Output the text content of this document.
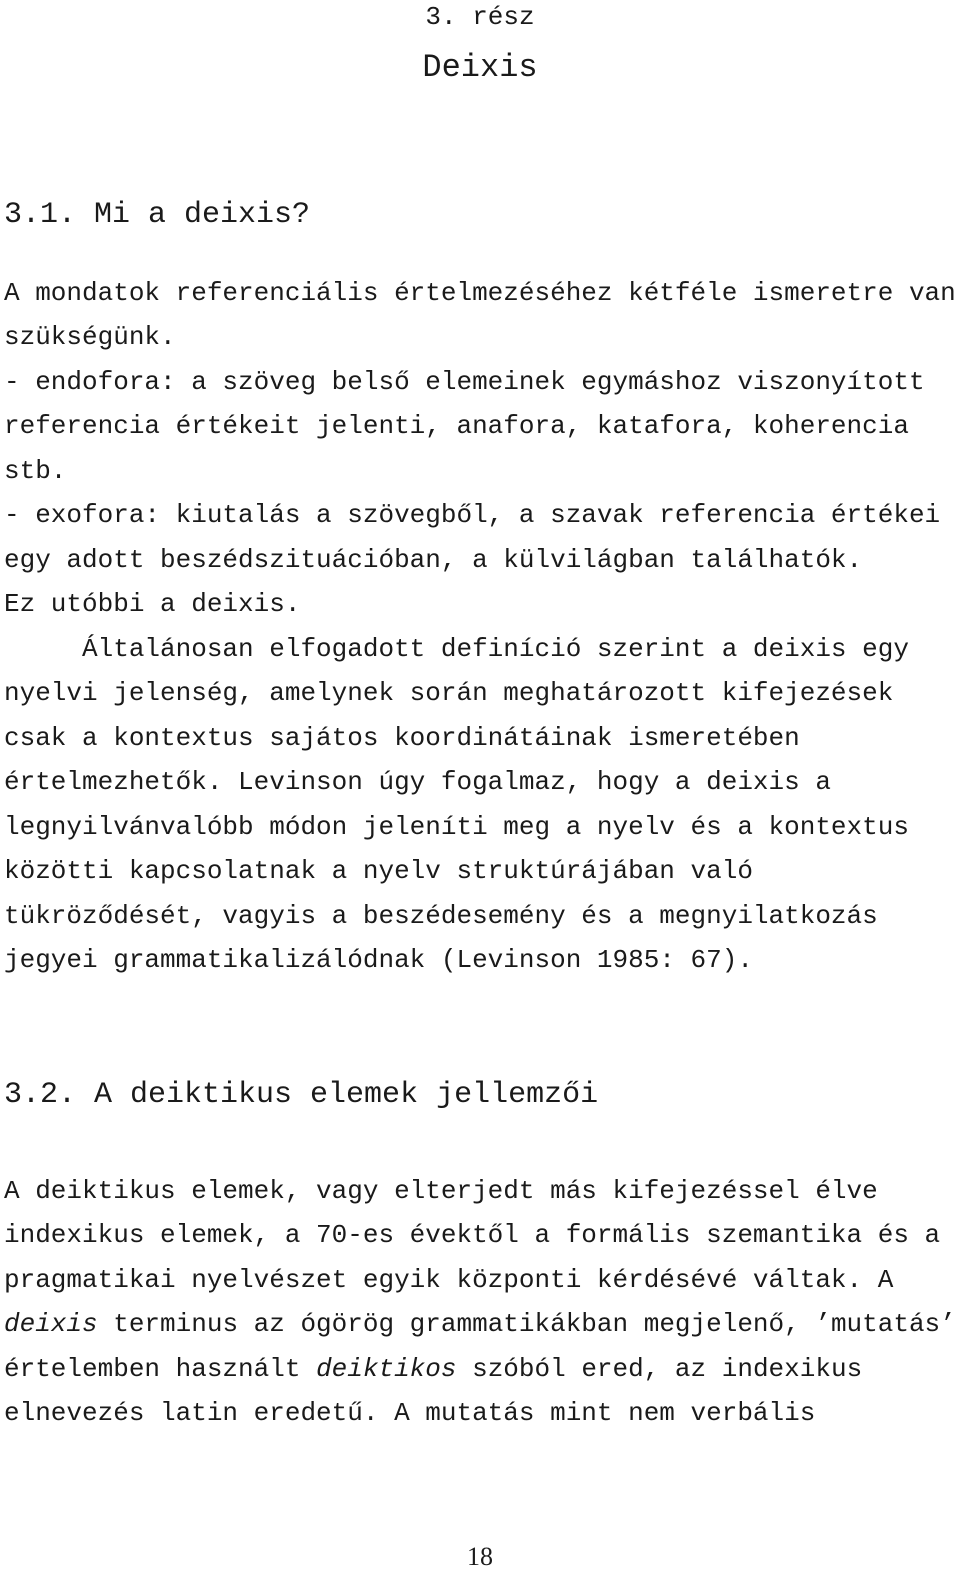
3. rész
Deixis
3.1. Mi a deixis?
A mondatok referenciális értelmezéséhez kétféle ismeretre van
szükségünk.
- endofora: a szöveg belső elemeinek egymáshoz viszonyított
referencia értékeit jelenti, anafora, katafora, koherencia
stb.
- exofora: kiutalás a szövegből, a szavak referencia értékei
egy adott beszédszituációban, a külvilágban találhatók.
Ez utóbbi a deixis.
Általánosan elfogadott definíció szerint a deixis egy
nyelvi jelenség, amelynek során meghatározott kifejezések
csak a kontextus sajátos koordinátáinak ismeretében
értelmezhetők. Levinson úgy fogalmaz, hogy a deixis a
legnyilvánvalóbb módon jeleníti meg a nyelv és a kontextus
közötti kapcsolatnak a nyelv struktúrájában való
tükröződését, vagyis a beszédesemény és a megnyilatkozás
jegyei grammatikalizálódnak (Levinson 1985: 67).
3.2. A deiktikus elemek jellemzői
A deiktikus elemek, vagy elterjedt más kifejezéssel élve
indexikus elemek, a 70-es évektől a formális szemantika és a
pragmatikai nyelvészet egyik központi kérdésévé váltak. A
deixis terminus az ógörög grammatikákban megjelenő, ’mutatás’
értelemben használt deiktikos szóból ered, az indexikus
elnevezés latin eredetű. A mutatás mint nem verbális
18
